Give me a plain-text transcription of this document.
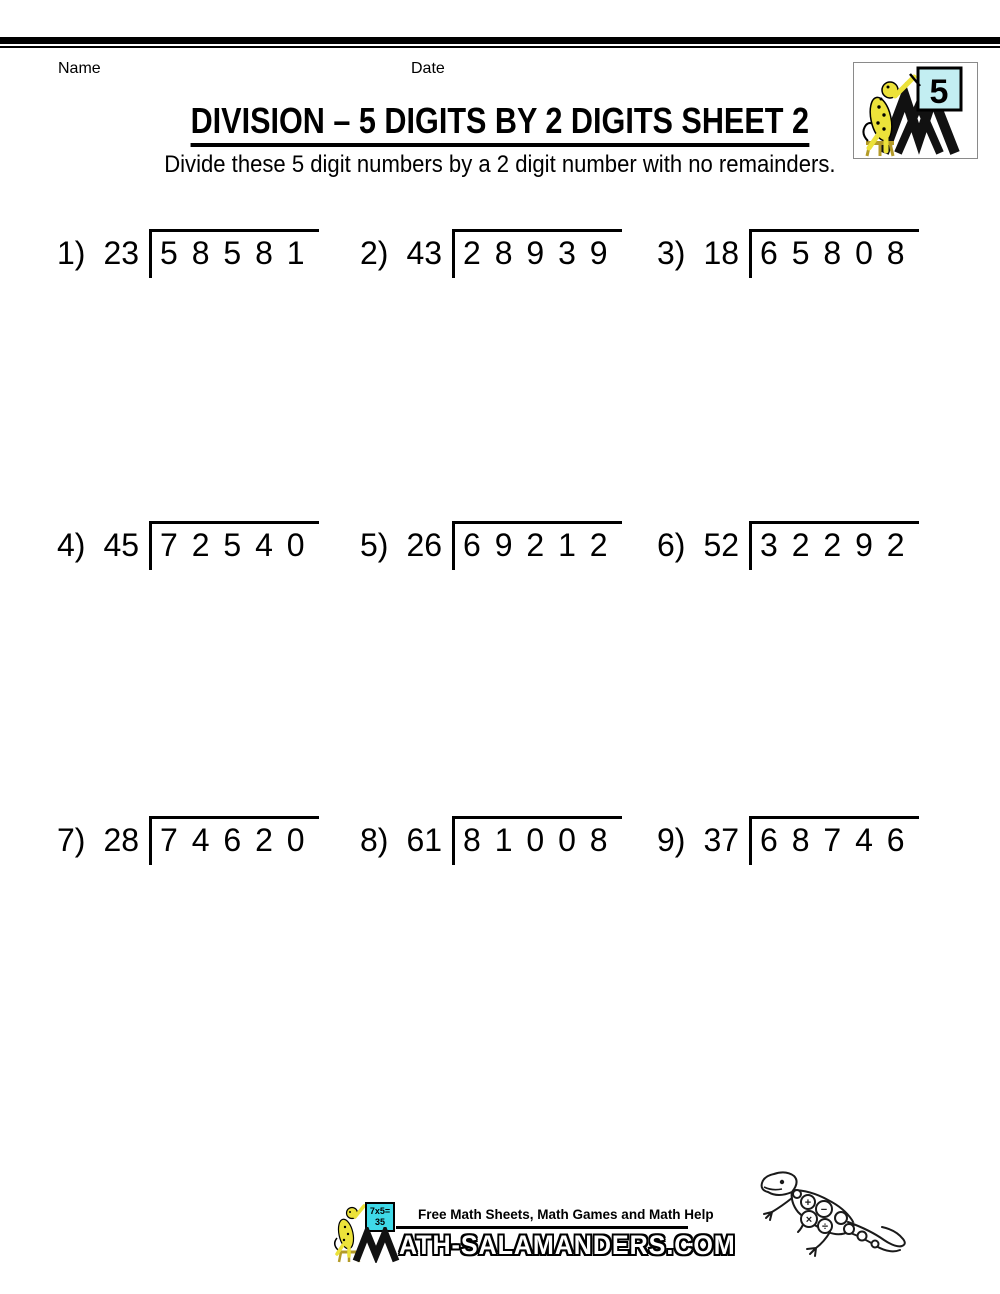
Name	Date
5
DIVISION – 5 DIGITS BY 2 DIGITS SHEET 2
Divide these 5 digit numbers by a 2 digit number with no remainders.
1) 23 5 8 5 8 1	2) 43 2 8 9 3 9	3) 18 6 5 8 0 8
4) 45 7 2 5 4 0	5) 26 6 9 2 1 2	6) 52 3 2 2 9 2
7) 28 7 4 6 2 0	8) 61 8 1 0 0 8	9) 37 6 8 7 4 6
7x5=
35	Free Math Sheets, Math Games and Math Help
ATH-SALAMANDERS.COM
+
−
×
÷
